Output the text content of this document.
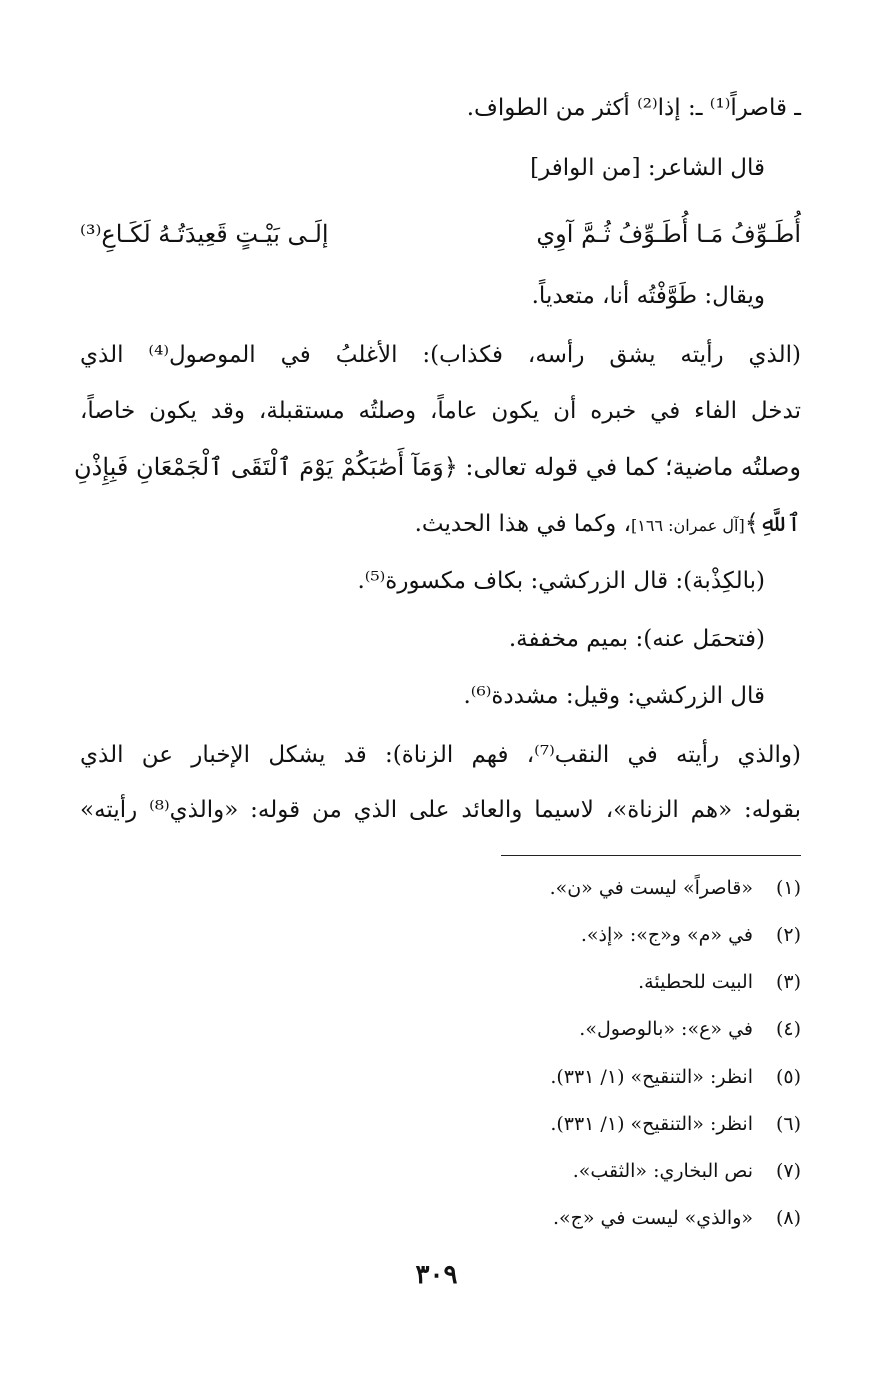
ـ قاصراً⁽¹⁾ ـ: إذا⁽²⁾ أكثر من الطواف.
قال الشاعر: [من الوافر]
أُطَـوِّفُ مَـا أُطَـوِّفُ ثُـمَّ آوِي
إلَـى بَيْـتٍ قَعِيدَتُـهُ لَكَـاعِ⁽³⁾
ويقال: طَوَّفْتُه أنا، متعدياً.
(الذي رأيته يشق رأسه، فكذاب): الأغلبُ في الموصول⁽⁴⁾ الذي
تدخل الفاء في خبره أن يكون عاماً، وصلتُه مستقبلة، وقد يكون خاصاً،
وصلتُه ماضية؛ كما في قوله تعالى: ﴿وَمَآ أَصَٰبَكُمْ يَوْمَ ٱلْتَقَى ٱلْجَمْعَانِ فَبِإِذْنِ
ٱللَّهِ﴾[آل عمران: ١٦٦]، وكما في هذا الحديث.
(بالكِذْبة): قال الزركشي: بكاف مكسورة⁽⁵⁾.
(فتحمَل عنه): بميم مخففة.
قال الزركشي: وقيل: مشددة⁽⁶⁾.
(والذي رأيته في النقب⁽⁷⁾، فهم الزناة): قد يشكل الإخبار عن الذي
بقوله: «هم الزناة»، لاسيما والعائد على الذي من قوله: «والذي⁽⁸⁾ رأيته»
(١)«قاصراً» ليست في «ن».
(٢)في «م» و«ج»: «إذ».
(٣)البيت للحطيئة.
(٤)في «ع»: «بالوصول».
(٥)انظر: «التنقيح» (١/ ٣٣١).
(٦)انظر: «التنقيح» (١/ ٣٣١).
(٧)نص البخاري: «الثقب».
(٨)«والذي» ليست في «ج».
٣٠٩
